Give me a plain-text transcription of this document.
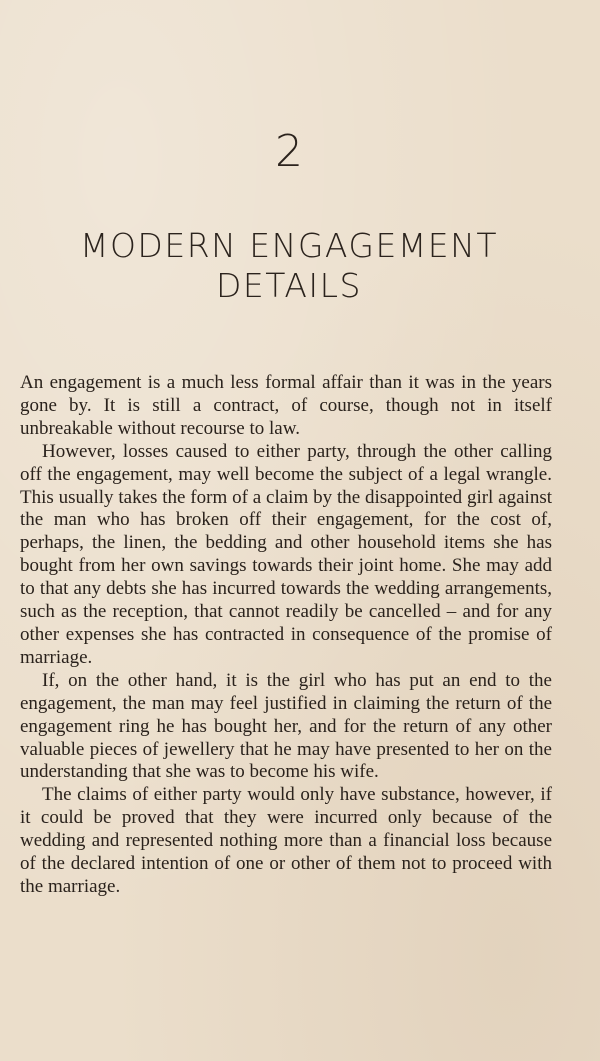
2
MODERN ENGAGEMENT
DETAILS

An engagement is a much less formal affair than it was in the years gone by. It is still a contract, of course, though not in itself unbreakable without recourse to law.

However, losses caused to either party, through the other calling off the engagement, may well become the subject of a legal wrangle. This usually takes the form of a claim by the disappointed girl against the man who has broken off their engagement, for the cost of, perhaps, the linen, the bedding and other household items she has bought from her own savings towards their joint home. She may add to that any debts she has incurred towards the wedding arrangements, such as the reception, that cannot readily be cancelled – and for any other expenses she has contracted in consequence of the promise of marriage.

If, on the other hand, it is the girl who has put an end to the engagement, the man may feel justified in claiming the return of the engagement ring he has bought her, and for the return of any other valuable pieces of jewellery that he may have presented to her on the understanding that she was to become his wife.

The claims of either party would only have substance, however, if it could be proved that they were incurred only because of the wedding and represented nothing more than a financial loss because of the declared intention of one or other of them not to proceed with the marriage.
